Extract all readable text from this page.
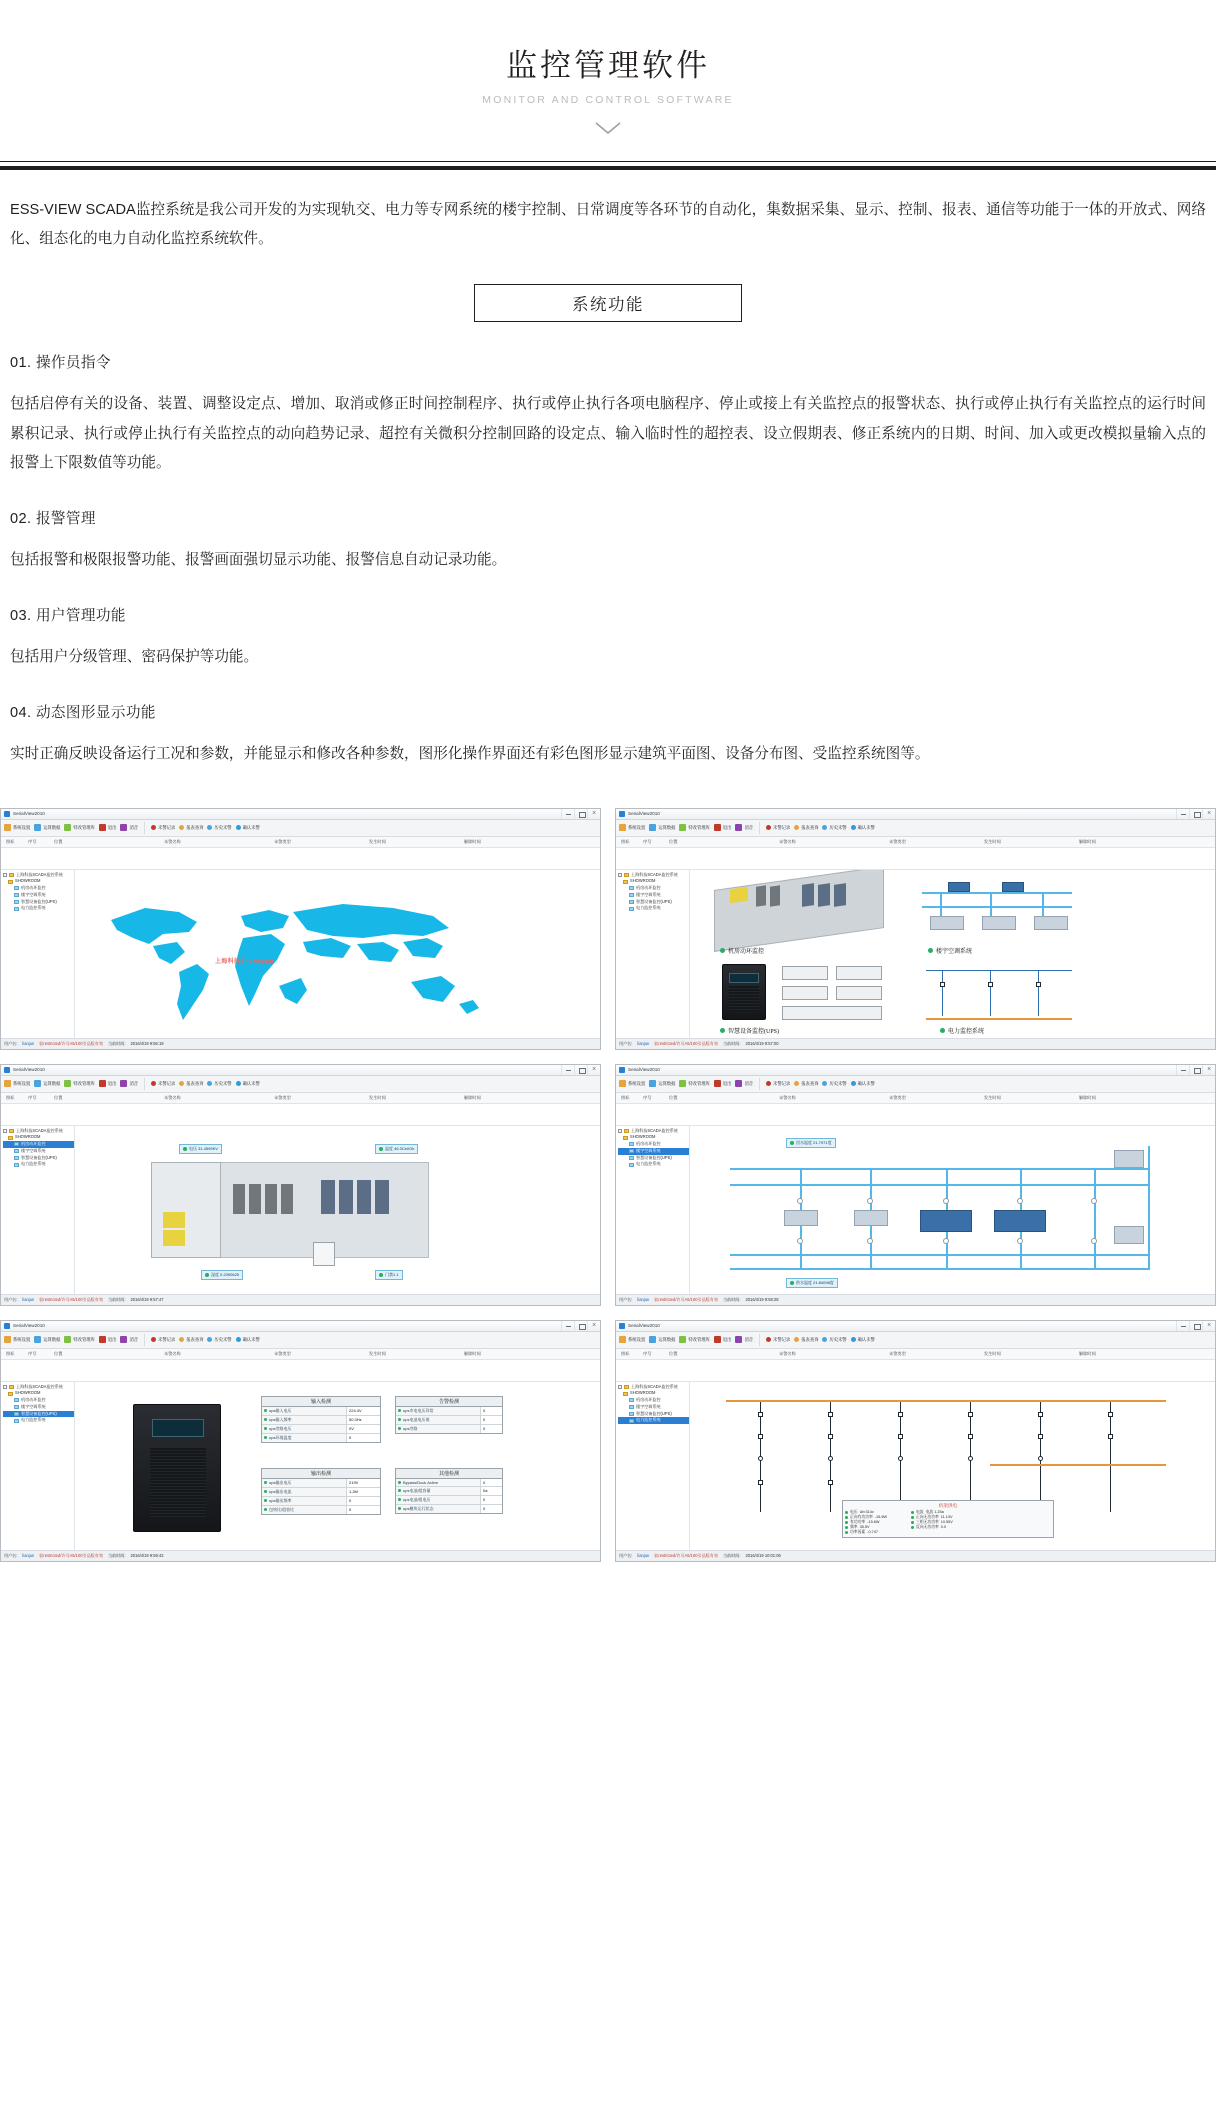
监控管理软件
MONITOR AND CONTROL SOFTWARE

ESS-VIEW SCADA监控系统是我公司开发的为实现轨交、电力等专网系统的楼宇控制、日常调度等各环节的自动化，集数据采集、显示、控制、报表、通信等功能于一体的开放式、网络化、组态化的电力自动化监控系统软件。

系统功能
01. 操作员指令

包括启停有关的设备、装置、调整设定点、增加、取消或修正时间控制程序、执行或停止执行各项电脑程序、停止或接上有关监控点的报警状态、执行或停止执行有关监控点的运行时间累积记录、执行或停止执行有关监控点的动向趋势记录、超控有关微积分控制回路的设定点、输入临时性的超控表、设立假期表、修正系统内的日期、时间、加入或更改模拟量输入点的报警上下限数值等功能。

02. 报警管理

包括报警和极限报警功能、报警画面强切显示功能、报警信息自动记录功能。

03. 用户管理功能

包括用户分级管理、密码保护等功能。

04. 动态图形显示功能

实时正确反映设备运行工况和参数，并能显示和修改各种参数，图形化操作界面还有彩色图形显示建筑平面图、设备分布图、受监控系统图等。

SerialView2010
×
系统设置	运算数据	特改管理库	退出	消音	未警记录	报表查询	历史未警	确认未警
图标	序号	位置	未警名称	未警类型	发生时间	解除时间
-	上海科技SCADA监控系统
SHOWROOM
机房动环监控
楼宇空调系统
智慧设备监控(UPS)
电力监控系统
上海科技Showroom
用户名: lianjun 软restricted/许可A5/100引品版有效 当前时间: 2016/4/19 9:56:19
SerialView2010
×
系统设置	运算数据	特改管理库	退出	消音	未警记录	报表查询	历史未警	确认未警
图标	序号	位置	未警名称	未警类型	发生时间	解除时间
-	上海科技SCADA监控系统
SHOWROOM
机房动环监控
楼宇空调系统
智慧设备监控(UPS)
电力监控系统
机房动环监控	楼宇空调系统
智慧设备监控(UPS)	电力监控系统
用户名: lianjun 软restricted/许可A5/100引品版有效 当前时间: 2016/4/19 9:57:00
SerialView2010
×
系统设置	运算数据	特改管理库	退出	消音	未警记录	报表查询	历史未警	确认未警
图标	序号	位置	未警名称	未警类型	发生时间	解除时间
-	上海科技SCADA监控系统
SHOWROOM
机房动环监控
楼宇空调系统
智慧设备监控(UPS)
电力监控系统
电压 31.4599KV	温度 46.3Cel/Oh
湿度 0.2390625	门禁1 1
用户名: lianjun 软restricted/许可A5/100引品版有效 当前时间: 2016/4/19 9:57:47
SerialView2010
×
系统设置	运算数据	特改管理库	退出	消音	未警记录	报表查询	历史未警	确认未警
图标	序号	位置	未警名称	未警类型	发生时间	解除时间
-	上海科技SCADA监控系统
SHOWROOM
机房动环监控
楼宇空调系统
智慧设备监控(UPS)
电力监控系统
回水温度 21.7971度
供水温度 21.84098度
用户名: lianjun 软restricted/许可A5/100引品版有效 当前时间: 2016/4/19 9:58:28
SerialView2010
×
系统设置	运算数据	特改管理库	退出	消音	未警记录	报表查询	历史未警	确认未警
图标	序号	位置	未警名称	未警类型	发生时间	解除时间
-	上海科技SCADA监控系统
SHOWROOM
机房动环监控
楼宇空调系统
智慧设备监控(UPS)
电力监控系统
输入检测
ups输入电压	224.4V
ups输入频率	50.3Hz
ups旁路电压	0V
ups环境温度	0
告警检测
ups市电电压异常	0
ups电池电压低	0
ups旁路	0
输出检测
ups输出电压	219V
ups输出电流	1.2M
ups输出频率	0
包络比/组容比	0
其他检测
Bypass/Duck Active	0
ups电池/组容量	0a
ups电池/组电压	0
ups模块运行状态	0
用户名: lianjun 软restricted/许可A5/100引品版有效 当前时间: 2016/4/19 9:59:42
SerialView2010
×
系统设置	运算数据	特改管理库	退出	消音	未警记录	报表查询	历史未警	确认未警
图标	序号	位置	未警名称	未警类型	发生时间	解除时间
-	上海科技SCADA监控系统
SHOWROOM
机房动环监控
楼宇空调系统
智慧设备监控(UPS)
电力监控系统
机架供电
电压 Ub:314v	电流 电流 1.25a
正向有功功率 -15.6W	正向无功功率 11.13V
有功功率 -15.6W	三相无功功率 10.55V
频率 35.5V	反向无功功率 0.0
功率因素 -0.747
用户名: lianjun 软restricted/许可A5/100引品版有效 当前时间: 2016/4/19 10:01:06
